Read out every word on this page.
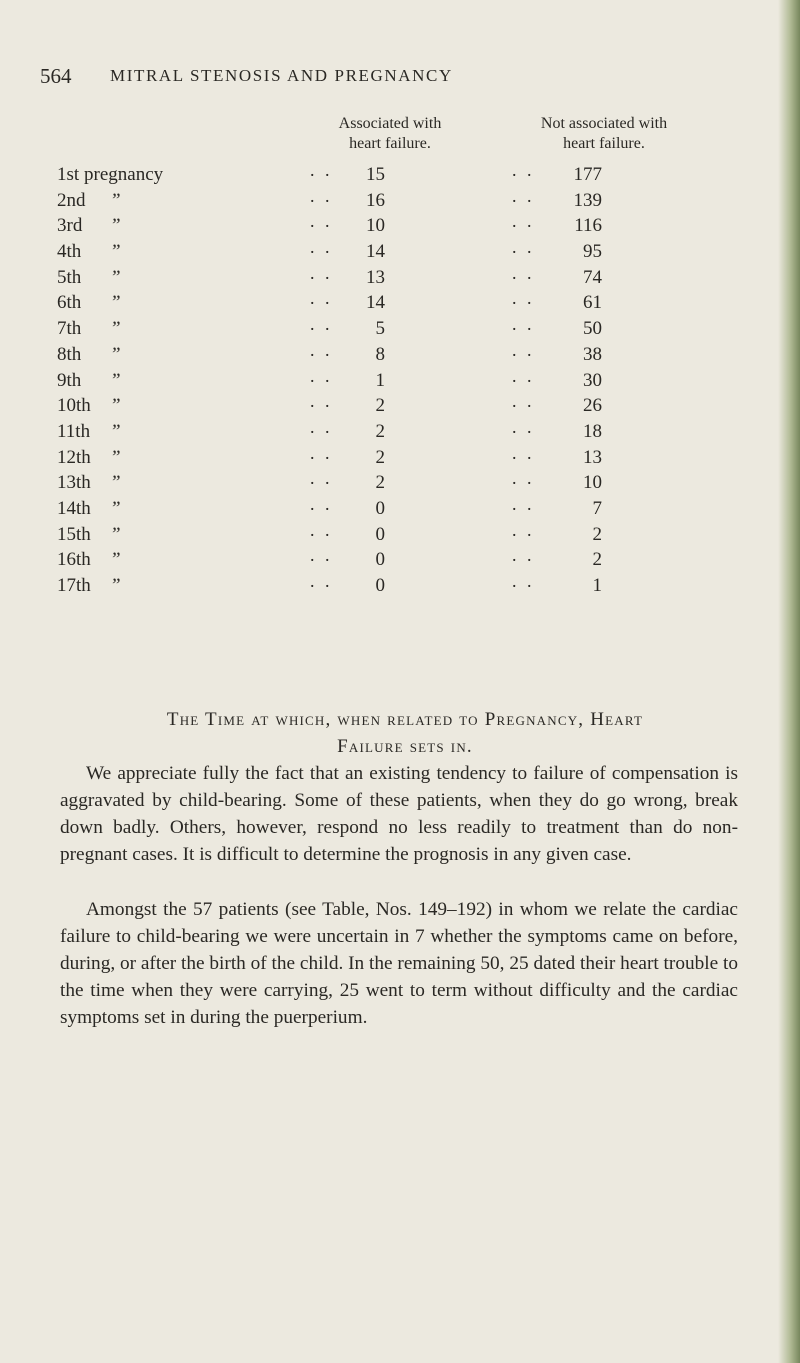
564 MITRAL STENOSIS AND PREGNANCY
Associated with
heart failure.
Not associated with
heart failure.
1st pregnancy	. .	15	. .	177
2nd ”	. .	16	. .	139
3rd ”	. .	10	. .	116
4th ”	. .	14	. .	95
5th ”	. .	13	. .	74
6th ”	. .	14	. .	61
7th ”	. .	5	. .	50
8th ”	. .	8	. .	38
9th ”	. .	1	. .	30
10th ”	. .	2	. .	26
11th ”	. .	2	. .	18
12th ”	. .	2	. .	13
13th ”	. .	2	. .	10
14th ”	. .	0	. .	7
15th ”	. .	0	. .	2
16th ”	. .	0	. .	2
17th ”	. .	0	. .	1
The Time at which, when related to Pregnancy, Heart
Failure sets in.

We appreciate fully the fact that an existing tendency to failure of compensation is aggravated by child-bearing. Some of these patients, when they do go wrong, break down badly. Others, however, respond no less readily to treatment than do non-pregnant cases. It is difficult to determine the prognosis in any given case.

Amongst the 57 patients (see Table, Nos. 149–192) in whom we relate the cardiac failure to child-bearing we were uncertain in 7 whether the symptoms came on before, during, or after the birth of the child. In the remaining 50, 25 dated their heart trouble to the time when they were carrying, 25 went to term without difficulty and the cardiac symptoms set in during the puerperium.
